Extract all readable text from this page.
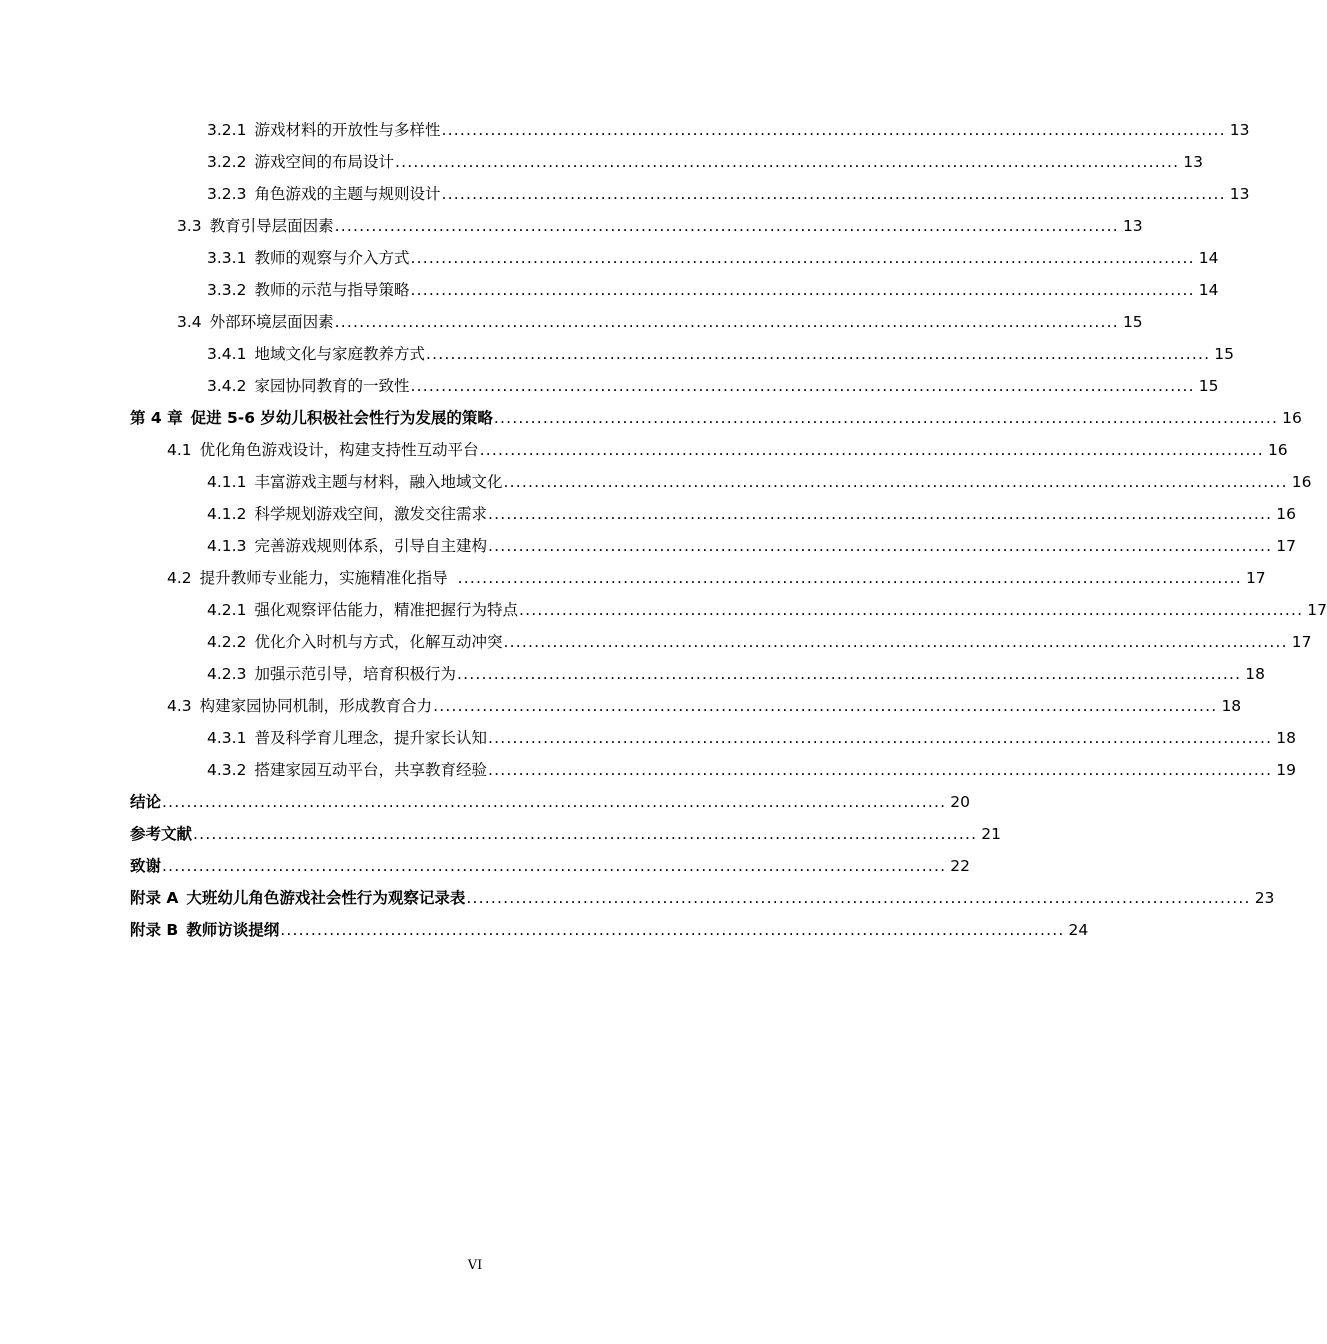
3.2.1 游戏材料的开放性与多样性 ................................................................................................................................ 13
3.2.2 游戏空间的布局设计 ................................................................................................................................ 13
3.2.3 角色游戏的主题与规则设计 ................................................................................................................................ 13
3.3 教育引导层面因素 ................................................................................................................................ 13
3.3.1 教师的观察与介入方式 ................................................................................................................................ 14
3.3.2 教师的示范与指导策略 ................................................................................................................................ 14
3.4 外部环境层面因素 ................................................................................................................................ 15
3.4.1 地域文化与家庭教养方式 ................................................................................................................................ 15
3.4.2 家园协同教育的一致性 ................................................................................................................................ 15
第 4 章 促进 5-6 岁幼儿积极社会性行为发展的策略 ................................................................................................................................ 16
4.1 优化角色游戏设计，构建支持性互动平台 ................................................................................................................................ 16
4.1.1 丰富游戏主题与材料，融入地域文化 ................................................................................................................................ 16
4.1.2 科学规划游戏空间，激发交往需求 ................................................................................................................................ 16
4.1.3 完善游戏规则体系，引导自主建构 ................................................................................................................................ 17
4.2 提升教师专业能力，实施精准化指导 ................................................................................................................................ 17
4.2.1 强化观察评估能力，精准把握行为特点 ................................................................................................................................ 17
4.2.2 优化介入时机与方式，化解互动冲突 ................................................................................................................................ 17
4.2.3 加强示范引导，培育积极行为 ................................................................................................................................ 18
4.3 构建家园协同机制，形成教育合力 ................................................................................................................................ 18
4.3.1 普及科学育儿理念，提升家长认知 ................................................................................................................................ 18
4.3.2 搭建家园互动平台，共享教育经验 ................................................................................................................................ 19
结论 ................................................................................................................................ 20
参考文献 ................................................................................................................................ 21
致谢 ................................................................................................................................ 22
附录 A 大班幼儿角色游戏社会性行为观察记录表 ................................................................................................................................ 23
附录 B 教师访谈提纲 ................................................................................................................................ 24
VI
